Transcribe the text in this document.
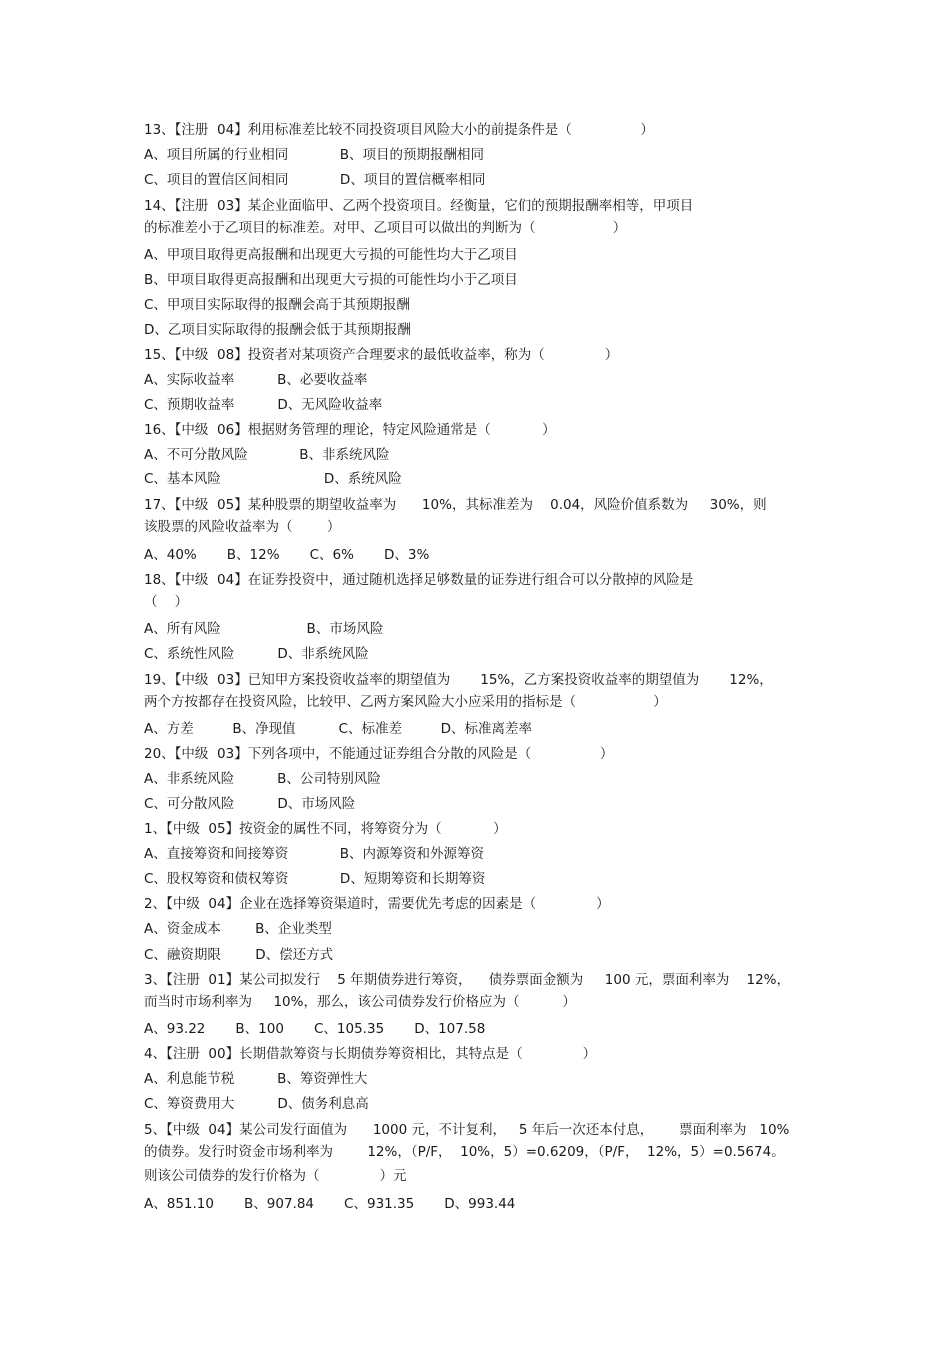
13、【注册  04】利用标准差比较不同投资项目风险大小的前提条件是（                ）
A、项目所属的行业相同            B、项目的预期报酬相同
C、项目的置信区间相同            D、项目的置信概率相同
14、【注册  03】某企业面临甲、乙两个投资项目。经衡量，它们的预期报酬率相等，甲项目
的标准差小于乙项目的标准差。对甲、乙项目可以做出的判断为（                  ）
A、甲项目取得更高报酬和出现更大亏损的可能性均大于乙项目
B、甲项目取得更高报酬和出现更大亏损的可能性均小于乙项目
C、甲项目实际取得的报酬会高于其预期报酬
D、乙项目实际取得的报酬会低于其预期报酬
15、【中级  08】投资者对某项资产合理要求的最低收益率，称为（              ）
A、实际收益率          B、必要收益率
C、预期收益率          D、无风险收益率
16、【中级  06】根据财务管理的理论，特定风险通常是（            ）
A、不可分散风险            B、非系统风险
C、基本风险                        D、系统风险
17、【中级  05】某种股票的期望收益率为      10%，其标准差为    0.04，风险价值系数为     30%，则
该股票的风险收益率为（        ）
A、40%       B、12%       C、6%       D、3%
18、【中级  04】在证券投资中，通过随机选择足够数量的证券进行组合可以分散掉的风险是
（    ）
A、所有风险                    B、市场风险
C、系统性风险          D、非系统风险
19、【中级  03】已知甲方案投资收益率的期望值为       15%，乙方案投资收益率的期望值为       12%，
两个方按都存在投资风险，比较甲、乙两方案风险大小应采用的指标是（                  ）
A、方差         B、净现值          C、标准差         D、标准离差率
20、【中级  03】下列各项中，不能通过证券组合分散的风险是（                ）
A、非系统风险          B、公司特别风险
C、可分散风险          D、市场风险
1、【中级  05】按资金的属性不同，将筹资分为（            ）
A、直接筹资和间接筹资            B、内源筹资和外源筹资
C、股权筹资和债权筹资            D、短期筹资和长期筹资
2、【中级  04】企业在选择筹资渠道时，需要优先考虑的因素是（              ）
A、资金成本        B、企业类型
C、融资期限        D、偿还方式
3、【注册  01】某公司拟发行    5 年期债券进行筹资，    债券票面金额为     100 元，票面利率为    12%，
而当时市场利率为     10%，那么，该公司债券发行价格应为（          ）
A、93.22       B、100       C、105.35       D、107.58
4、【注册  00】长期借款筹资与长期债券筹资相比，其特点是（              ）
A、利息能节税          B、筹资弹性大
C、筹资费用大          D、债务利息高
5、【中级  04】某公司发行面值为      1000 元，不计复利，   5 年后一次还本付息，      票面利率为   10%
的债券。发行时资金市场利率为        12%，（P/F，  10%，5）=0.6209，（P/F，  12%，5）=0.5674。
则该公司债券的发行价格为（              ）元
A、851.10       B、907.84       C、931.35       D、993.44
